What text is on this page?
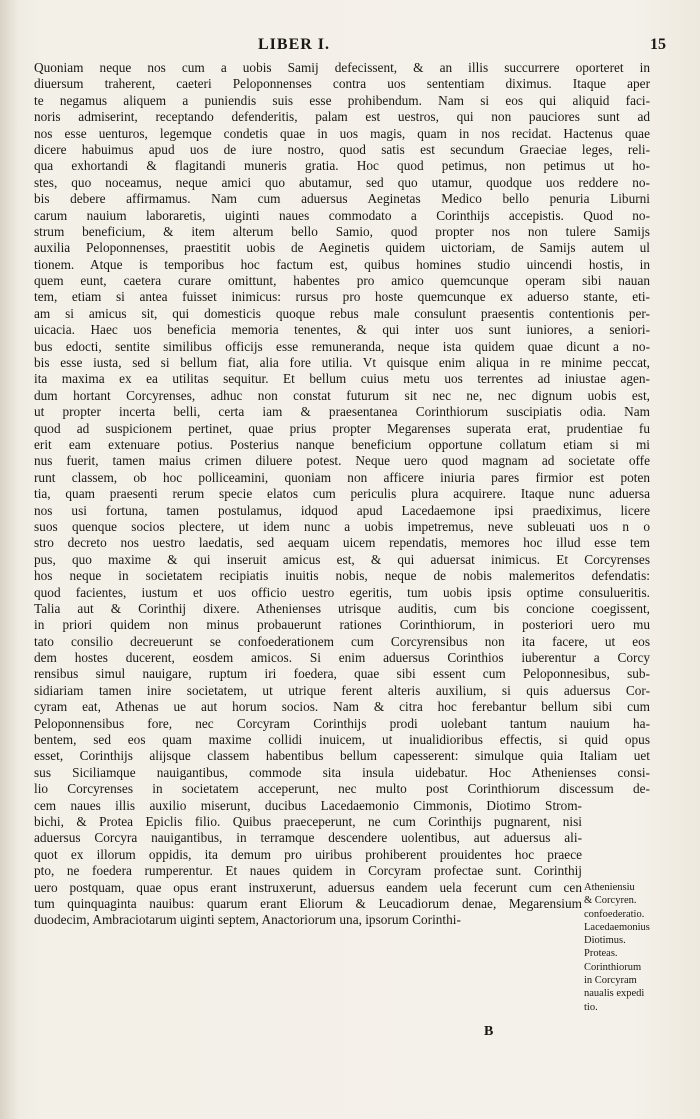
LIBER I.	15
Quoniam neque nos cum a uobis Samij defecissent, & an illis succurrere oporteret in
diuersum traherent, caeteri Peloponnenses contra uos sententiam diximus. Itaque aper
te negamus aliquem a puniendis suis esse prohibendum. Nam si eos qui aliquid faci-
noris admiserint, receptando defenderitis, palam est uestros, qui non pauciores sunt ad
nos esse uenturos, legemque condetis quae in uos magis, quam in nos recidat. Hactenus quae
dicere habuimus apud uos de iure nostro, quod satis est secundum Graeciae leges, reli-
qua exhortandi & flagitandi muneris gratia. Hoc quod petimus, non petimus ut ho-
stes, quo noceamus, neque amici quo abutamur, sed quo utamur, quodque uos reddere no-
bis debere affirmamus. Nam cum aduersus Aeginetas Medico bello penuria Liburni
carum nauium laboraretis, uiginti naues commodato a Corinthijs accepistis. Quod no-
strum beneficium, & item alterum bello Samio, quod propter nos non tulere Samijs
auxilia Peloponnenses, praestitit uobis de Aeginetis quidem uictoriam, de Samijs autem ul
tionem. Atque is temporibus hoc factum est, quibus homines studio uincendi hostis, in
quem eunt, caetera curare omittunt, habentes pro amico quemcunque operam sibi nauan
tem, etiam si antea fuisset inimicus: rursus pro hoste quemcunque ex aduerso stante, eti-
am si amicus sit, qui domesticis quoque rebus male consulunt praesentis contentionis per-
uicacia. Haec uos beneficia memoria tenentes, & qui inter uos sunt iuniores, a seniori-
bus edocti, sentite similibus officijs esse remuneranda, neque ista quidem quae dicunt a no-
bis esse iusta, sed si bellum fiat, alia fore utilia. Vt quisque enim aliqua in re minime peccat,
ita maxima ex ea utilitas sequitur. Et bellum cuius metu uos terrentes ad iniustae agen-
dum hortant Corcyrenses, adhuc non constat futurum sit nec ne, nec dignum uobis est,
ut propter incerta belli, certa iam & praesentanea Corinthiorum suscipiatis odia. Nam
quod ad suspicionem pertinet, quae prius propter Megarenses superata erat, prudentiae fu
erit eam extenuare potius. Posterius nanque beneficium opportune collatum etiam si mi
nus fuerit, tamen maius crimen diluere potest. Neque uero quod magnam ad societate offe
runt classem, ob hoc polliceamini, quoniam non afficere iniuria pares firmior est poten
tia, quam praesenti rerum specie elatos cum periculis plura acquirere. Itaque nunc aduersa
nos usi fortuna, tamen postulamus, idquod apud Lacedaemone ipsi praediximus, licere
suos quenque socios plectere, ut idem nunc a uobis impetremus, neve subleuati uos n o
stro decreto nos uestro laedatis, sed aequam uicem rependatis, memores hoc illud esse tem
pus, quo maxime & qui inseruit amicus est, & qui aduersat inimicus. Et Corcyrenses
hos neque in societatem recipiatis inuitis nobis, neque de nobis malemeritos defendatis:
quod facientes, iustum et uos officio uestro egeritis, tum uobis ipsis optime consulueritis.
Talia aut & Corinthij dixere. Athenienses utrisque auditis, cum bis concione coegissent,
in priori quidem non minus probauerunt rationes Corinthiorum, in posteriori uero mu
tato consilio decreuerunt se confoederationem cum Corcyrensibus non ita facere, ut eos
dem hostes ducerent, eosdem amicos. Si enim aduersus Corinthios iuberentur a Corcy
rensibus simul nauigare, ruptum iri foedera, quae sibi essent cum Peloponnesibus, sub-
sidiariam tamen inire societatem, ut utrique ferent alteris auxilium, si quis aduersus Cor-
cyram eat, Athenas ue aut horum socios. Nam & citra hoc ferebantur bellum sibi cum
Peloponnensibus fore, nec Corcyram Corinthijs prodi uolebant tantum nauium ha-
bentem, sed eos quam maxime collidi inuicem, ut inualidioribus effectis, si quid opus
esset, Corinthijs alijsque classem habentibus bellum capesserent: simulque quia Italiam uet
sus Siciliamque nauigantibus, commode sita insula uidebatur. Hoc Athenienses consi-
lio Corcyrenses in societatem acceperunt, nec multo post Corinthiorum discessum de-
cem naues illis auxilio miserunt, ducibus Lacedaemonio Cimmonis, Diotimo Strom-
bichi, & Protea Epiclis filio. Quibus praeceperunt, ne cum Corinthijs pugnarent, nisi
aduersus Corcyra nauigantibus, in terramque descendere uolentibus, aut aduersus ali-
quot ex illorum oppidis, ita demum pro uiribus prohiberent prouidentes hoc praece
pto, ne foedera rumperentur. Et naues quidem in Corcyram profectae sunt. Corinthij
uero postquam, quae opus erant instruxerunt, aduersus eandem uela fecerunt cum cen
tum quinquaginta nauibus: quarum erant Eliorum & Leucadiorum denae, Megarensium
duodecim, Ambraciotarum uiginti septem, Anactoriorum una, ipsorum Corinthi-
Atheniensiu
& Corcyren.
confoederatio.
Lacedaemonius
Diotimus.
Proteas.
Corinthiorum
in Corcyram
naualis expedi
tio.
B
